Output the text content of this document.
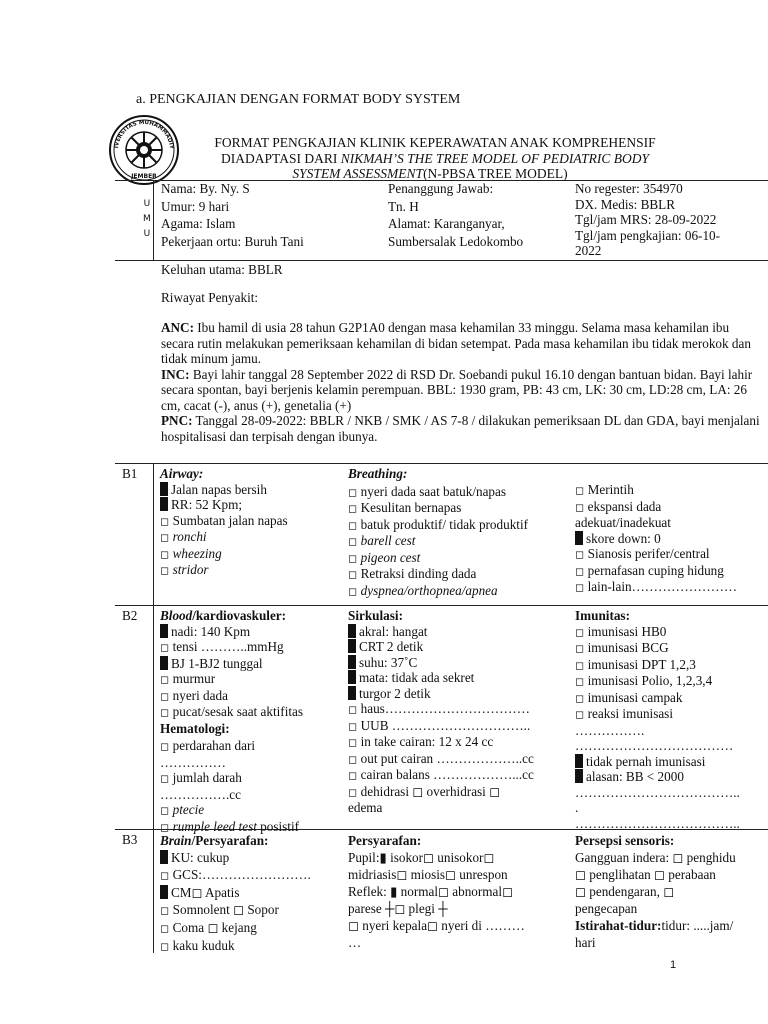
a. PENGKAJIAN DENGAN FORMAT BODY SYSTEM
IVERSITAS MUHAMMADIY
JEMBER
FORMAT PENGKAJIAN KLINIK KEPERAWATAN ANAK KOMPREHENSIF
DIADAPTASI DARI NIKMAH’S THE TREE MODEL OF PEDIATRIC BODY
SYSTEM ASSESSMENT(N-PBSA TREE MODEL)
U
M
U
Nama: By. Ny. S
Umur: 9 hari
Agama: Islam
Pekerjaan ortu: Buruh Tani
Penanggung Jawab:
Tn. H
Alamat: Karanganyar,
Sumbersalak Ledokombo
No regester: 354970
DX. Medis: BBLR
Tgl/jam MRS: 28-09-2022
Tgl/jam pengkajian: 06-10-
2022

Keluhan utama: BBLR

Riwayat Penyakit:

ANC: Ibu hamil di usia 28 tahun G2P1A0 dengan masa kehamilan 33 minggu. Selama masa kehamilan ibu secara rutin melakukan pemeriksaan kehamilan di bidan setempat. Pada masa kehamilan ibu tidak merokok dan tidak minum jamu.

INC: Bayi lahir tanggal 28 September 2022 di RSD Dr. Soebandi pukul 16.10 dengan bantuan bidan. Bayi lahir secara spontan, bayi berjenis kelamin perempuan. BBL: 1930 gram, PB: 43 cm, LK: 30 cm, LD:28 cm, LA: 26 cm, cacat (-), anus (+), genetalia (+)

PNC: Tanggal 28-09-2022: BBLR / NKB / SMK / AS 7-8 / dilakukan pemeriksaan DL dan GDA, bayi menjalani hospitalisasi dan terpisah dengan ibunya.

B1
B2
B3
Airway:
Jalan napas bersih
RR: 52 Kpm;
◻ Sumbatan jalan napas
◻ ronchi
◻ wheezing
◻ stridor
Breathing:
◻ nyeri dada saat batuk/napas
◻ Kesulitan bernapas
◻ batuk produktif/ tidak produktif
◻ barell cest
◻ pigeon cest
◻ Retraksi dinding dada
◻ dyspnea/orthopnea/apnea
◻ Merintih
◻ ekspansi dada
adekuat/inadekuat
skore down: 0
◻ Sianosis perifer/central
◻ pernafasan cuping hidung
◻ lain-lain……………………
Blood/kardiovaskuler:
nadi: 140 Kpm
◻ tensi ………..mmHg
BJ 1-BJ2 tunggal
◻ murmur
◻ nyeri dada
◻ pucat/sesak saat aktifitas
Hematologi:
◻ perdarahan dari
……………
◻ jumlah darah
…………….cc
◻ ptecie
◻ rumple leed test posistif
Sirkulasi:
akral: hangat
CRT 2 detik
suhu: 37˚C
mata: tidak ada sekret
turgor 2 detik
◻ haus……………………………
◻ UUB …………………………..
◻ in take cairan: 12 x 24 cc
◻ out put cairan ………………..cc
◻ cairan balans ………………...cc
◻ dehidrasi ◻ overhidrasi ◻
edema
Imunitas:
◻ imunisasi HB0
◻ imunisasi BCG
◻ imunisasi DPT 1,2,3
◻ imunisasi Polio, 1,2,3,4
◻ imunisasi campak
◻ reaksi imunisasi
…………….
………………………………
tidak pernah imunisasi
alasan: BB < 2000
………………………………..
.
………………………………..
Brain/Persyarafan:
KU: cukup
◻ GCS:…………………….
CM◻ Apatis
◻ Somnolent ◻ Sopor
◻ Coma ◻ kejang
◻ kaku kuduk
Persyarafan:
Pupil:▮ isokor◻ unisokor◻
midriasis◻ miosis◻ unrespon
Reflek: ▮ normal◻ abnormal◻
parese ┼◻ plegi ┼
◻ nyeri kepala◻ nyeri di ………
…
Persepsi sensoris:
Gangguan indera: ◻ penghidu
◻ penglihatan ◻ perabaan
◻ pendengaran, ◻
pengecapan
Istirahat-tidur:tidur: .....jam/
hari
1
